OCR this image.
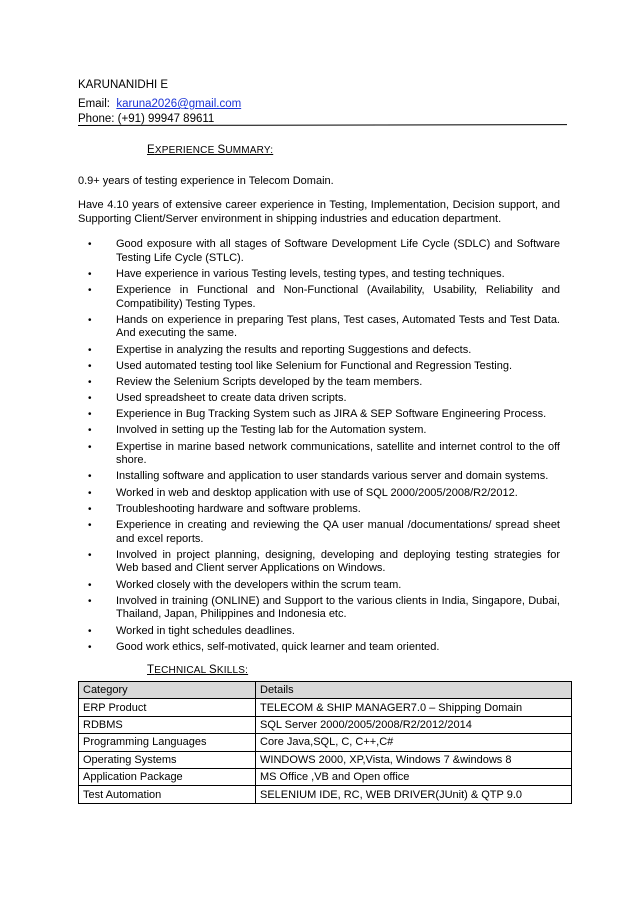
KARUNANIDHI E
Email: karuna2026@gmail.com
Phone: (+91) 99947 89611
EXPERIENCE SUMMARY:
0.9+ years of testing experience in Telecom Domain.
Have 4.10 years of extensive career experience in Testing, Implementation, Decision support, and Supporting Client/Server environment in shipping industries and education department.
• Good exposure with all stages of Software Development Life Cycle (SDLC) and Software Testing Life Cycle (STLC).
• Have experience in various Testing levels, testing types, and testing techniques.
• Experience in Functional and Non-Functional (Availability, Usability, Reliability and Compatibility) Testing Types.
• Hands on experience in preparing Test plans, Test cases, Automated Tests and Test Data. And executing the same.
• Expertise in analyzing the results and reporting Suggestions and defects.
• Used automated testing tool like Selenium for Functional and Regression Testing.
• Review the Selenium Scripts developed by the team members.
• Used spreadsheet to create data driven scripts.
• Experience in Bug Tracking System such as JIRA & SEP Software Engineering Process.
• Involved in setting up the Testing lab for the Automation system.
• Expertise in marine based network communications, satellite and internet control to the off shore.
• Installing software and application to user standards various server and domain systems.
• Worked in web and desktop application with use of SQL 2000/2005/2008/R2/2012.
• Troubleshooting hardware and software problems.
• Experience in creating and reviewing the QA user manual /documentations/ spread sheet and excel reports.
• Involved in project planning, designing, developing and deploying testing strategies for Web based and Client server Applications on Windows.
• Worked closely with the developers within the scrum team.
• Involved in training (ONLINE) and Support to the various clients in India, Singapore, Dubai, Thailand, Japan, Philippines and Indonesia etc.
• Worked in tight schedules deadlines.
• Good work ethics, self-motivated, quick learner and team oriented.
TECHNICAL SKILLS:
Category	Details
ERP Product	TELECOM & SHIP MANAGER7.0 – Shipping Domain
RDBMS	SQL Server 2000/2005/2008/R2/2012/2014
Programming Languages	Core Java,SQL, C, C++,C#
Operating Systems	WINDOWS 2000, XP,Vista, Windows 7 &windows 8
Application Package	MS Office ,VB and Open office
Test Automation	SELENIUM IDE, RC, WEB DRIVER(JUnit) & QTP 9.0
